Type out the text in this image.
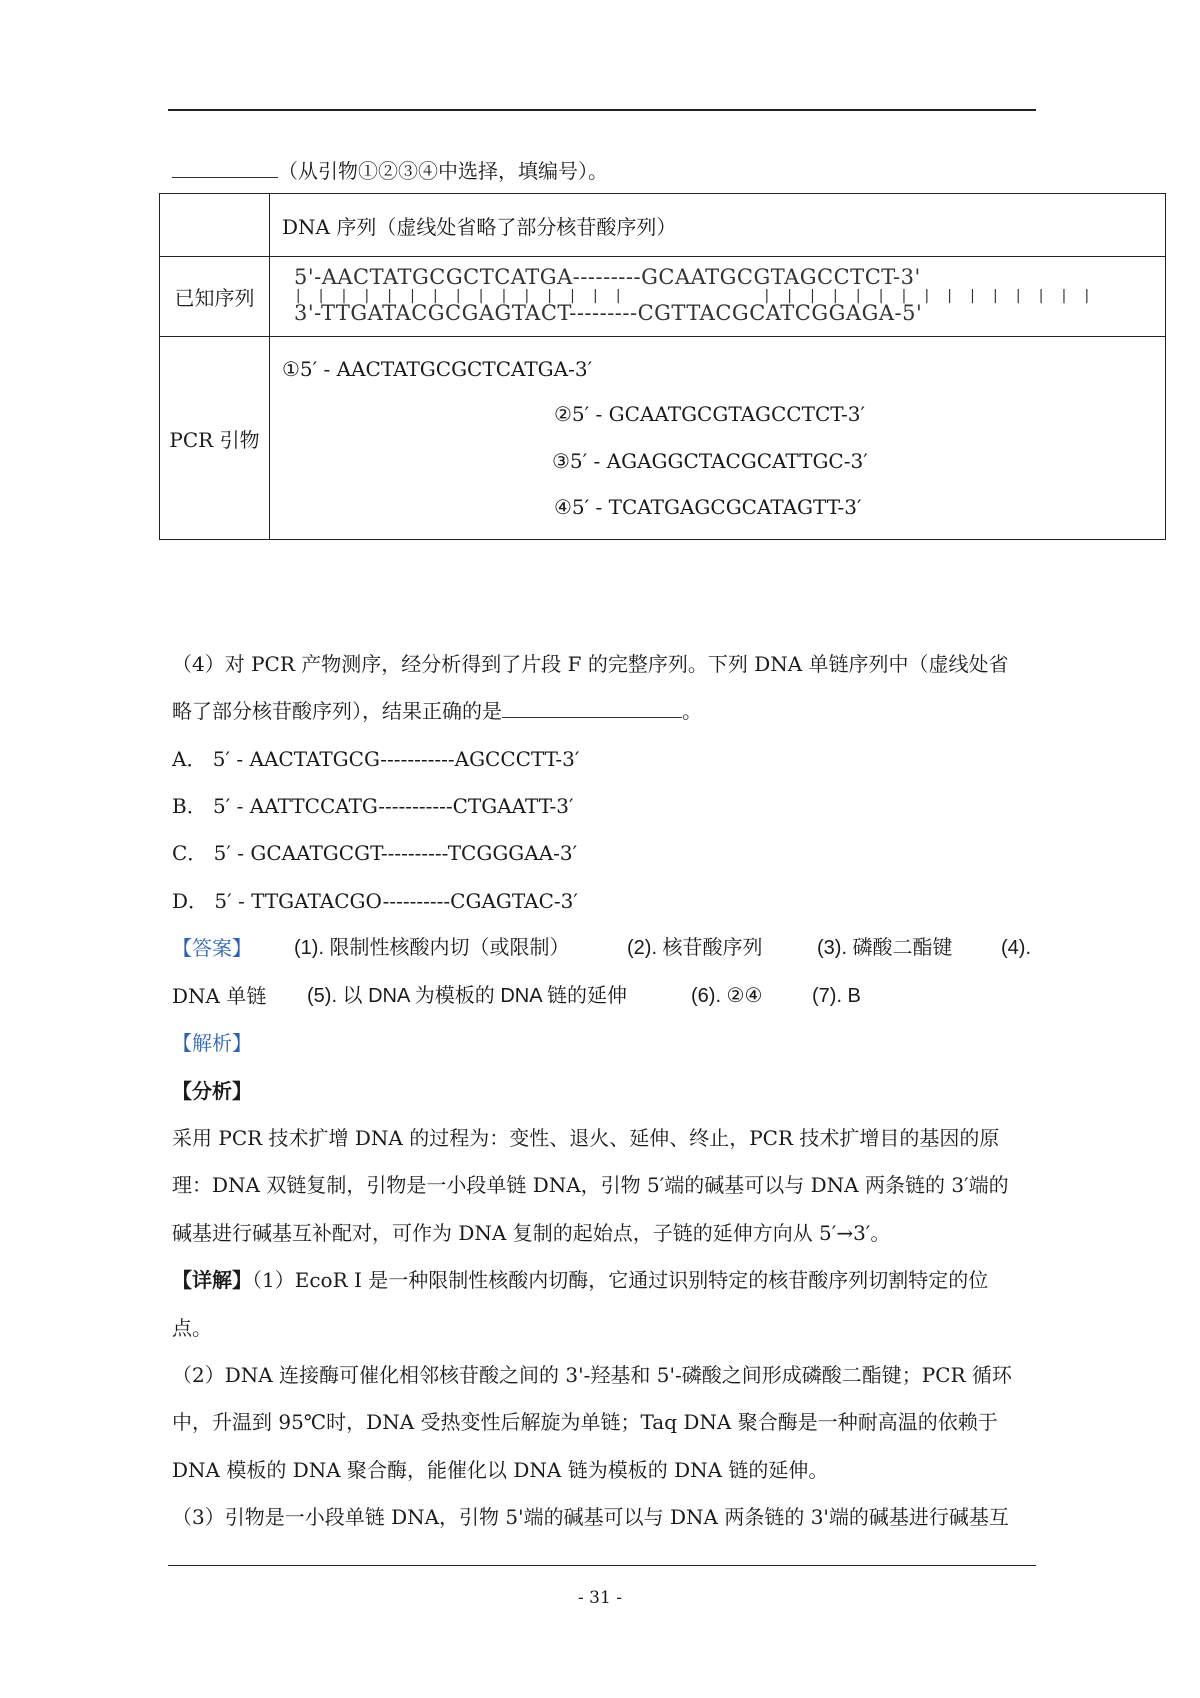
（从引物①②③④中选择，填编号）。
	DNA 序列（虚线处省略了部分核苷酸序列）
已知序列	5'-AACTATGCGCTCATGA---------GCAATGCGTAGCCTCT-3'
| | | | | | | | | | | | | | |            | | | | | | | | | | | | | | |
3'-TTGATACGCGAGTACT---------CGTTACGCATCGGAGA-5'

PCR 引物	①5′ - AACTATGCGCTCATGA-3′
②5′ - GCAATGCGTAGCCTCT-3′
③5′ - AGAGGCTACGCATTGC-3′
④5′ - TCATGAGCGCATAGTT-3′
（4）对 PCR 产物测序，经分析得到了片段 F 的完整序列。下列 DNA 单链序列中（虚线处省
略了部分核苷酸序列），结果正确的是	。
A． 5′ - AACTATGCG-----------AGCCCTT-3′
B． 5′ - AATTCCATG-----------CTGAATT-3′
C． 5′ - GCAATGCGT----------TCGGGAA-3′
D． 5′ - TTGATACGO----------CGAGTAC-3′
【答案】 (1). 限制性核酸内切（或限制）	(2). 核苷酸序列	(3). 磷酸二酯键 (4).
DNA 单链 (5). 以 DNA 为模板的 DNA 链的延伸	(6). ②④ (7). B
【解析】
【分析】
采用 PCR 技术扩增 DNA 的过程为：变性、退火、延伸、终止，PCR 技术扩增目的基因的原
理：DNA 双链复制，引物是一小段单链 DNA，引物 5′端的碱基可以与 DNA 两条链的 3′端的
碱基进行碱基互补配对，可作为 DNA 复制的起始点，子链的延伸方向从 5′→3′。
【详解】（1）EcoR I 是一种限制性核酸内切酶，它通过识别特定的核苷酸序列切割特定的位
点。
（2）DNA 连接酶可催化相邻核苷酸之间的 3'-羟基和 5'-磷酸之间形成磷酸二酯键；PCR 循环
中，升温到 95℃时，DNA 受热变性后解旋为单链；Taq DNA 聚合酶是一种耐高温的依赖于
DNA 模板的 DNA 聚合酶，能催化以 DNA 链为模板的 DNA 链的延伸。
（3）引物是一小段单链 DNA，引物 5'端的碱基可以与 DNA 两条链的 3'端的碱基进行碱基互
- 31 -
